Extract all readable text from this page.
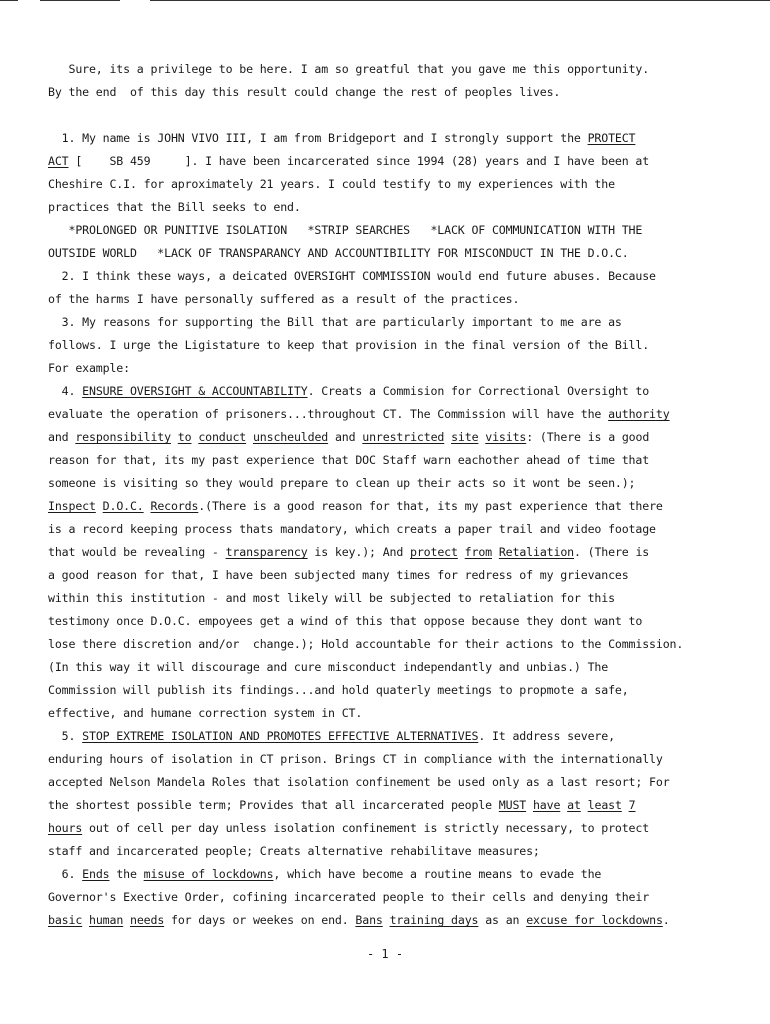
Sure, its a privilege to be here. I am so greatful that you gave me this opportunity.
By the end  of this day this result could change the rest of peoples lives.
1. My name is JOHN VIVO III, I am from Bridgeport and I strongly support the PROTECT
ACT [    SB 459     ]. I have been incarcerated since 1994 (28) years and I have been at
Cheshire C.I. for aproximately 21 years. I could testify to my experiences with the
practices that the Bill seeks to end.
*PROLONGED OR PUNITIVE ISOLATION   *STRIP SEARCHES   *LACK OF COMMUNICATION WITH THE
OUTSIDE WORLD   *LACK OF TRANSPARANCY AND ACCOUNTIBILITY FOR MISCONDUCT IN THE D.O.C.
2. I think these ways, a deicated OVERSIGHT COMMISSION would end future abuses. Because
of the harms I have personally suffered as a result of the practices.
3. My reasons for supporting the Bill that are particularly important to me are as
follows. I urge the Ligistature to keep that provision in the final version of the Bill.
For example:
4. ENSURE OVERSIGHT & ACCOUNTABILITY. Creats a Commision for Correctional Oversight to
evaluate the operation of prisoners...throughout CT. The Commission will have the authority
and responsibility to conduct unscheulded and unrestricted site visits: (There is a good
reason for that, its my past experience that DOC Staff warn eachother ahead of time that
someone is visiting so they would prepare to clean up their acts so it wont be seen.);
Inspect D.O.C. Records.(There is a good reason for that, its my past experience that there
is a record keeping process thats mandatory, which creats a paper trail and video footage
that would be revealing - transparency is key.); And protect from Retaliation. (There is
a good reason for that, I have been subjected many times for redress of my grievances
within this institution - and most likely will be subjected to retaliation for this
testimony once D.O.C. empoyees get a wind of this that oppose because they dont want to
lose there discretion and/or  change.); Hold accountable for their actions to the Commission.
(In this way it will discourage and cure misconduct independantly and unbias.) The
Commission will publish its findings...and hold quaterly meetings to propmote a safe,
effective, and humane correction system in CT.
5. STOP EXTREME ISOLATION AND PROMOTES EFFECTIVE ALTERNATIVES. It address severe,
enduring hours of isolation in CT prison. Brings CT in compliance with the internationally
accepted Nelson Mandela Roles that isolation confinement be used only as a last resort; For
the shortest possible term; Provides that all incarcerated people MUST have at least 7
hours out of cell per day unless isolation confinement is strictly necessary, to protect
staff and incarcerated people; Creats alternative rehabilitave measures;
6. Ends the misuse of lockdowns, which have become a routine means to evade the
Governor's Exective Order, cofining incarcerated people to their cells and denying their
basic human needs for days or weekes on end. Bans training days as an excuse for lockdowns.
- 1 -
